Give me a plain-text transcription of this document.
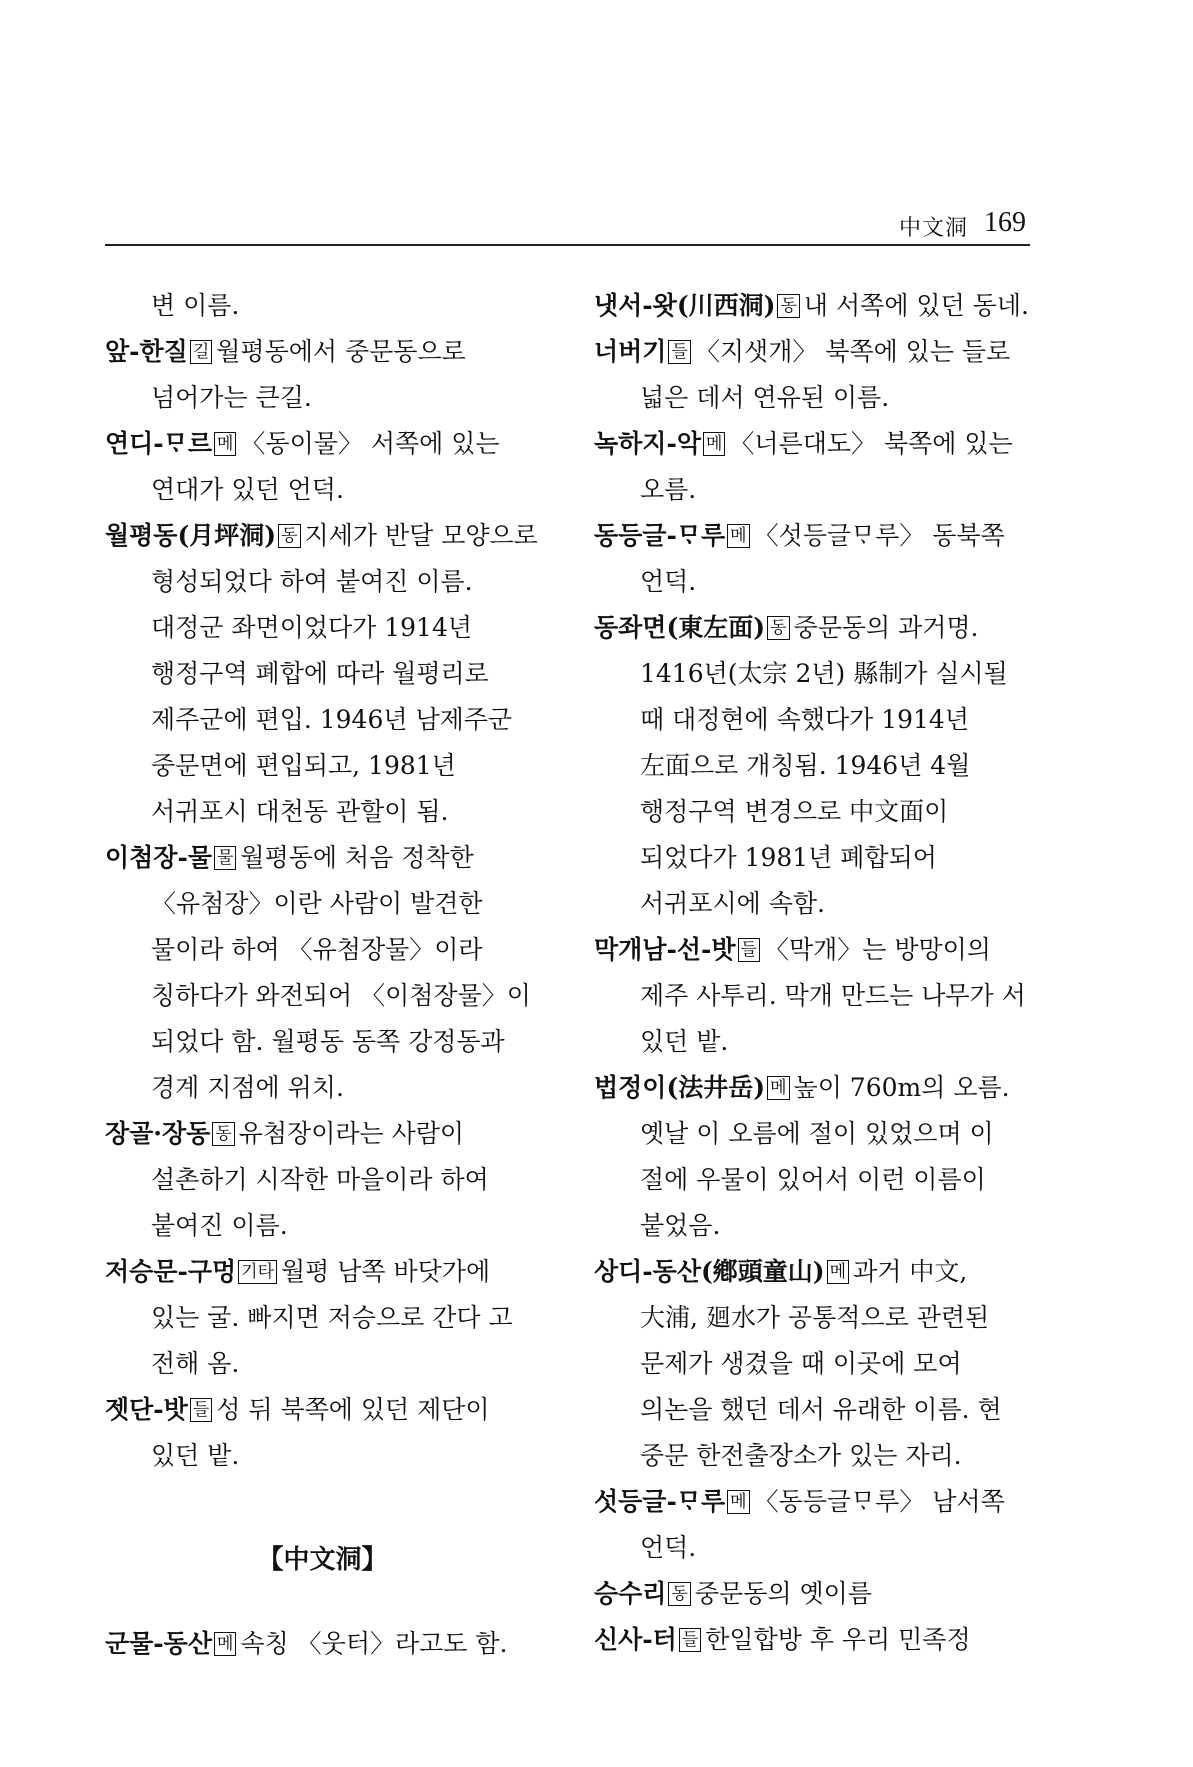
中文洞 169

변 이름.

앞-한질 길 월평동에서 중문동으로 넘어가는 큰길.

연디-ᄆᆞ르 메 〈동이물〉 서쪽에 있는 연대가 있던 언덕.

월평동(月坪洞) 동 지세가 반달 모양으로 형성되었다 하여 붙여진 이름. 대정군 좌면이었다가 1914년 행정구역 폐합에 따라 월평리로 제주군에 편입. 1946년 남제주군 중문면에 편입되고, 1981년 서귀포시 대천동 관할이 됨.

이첨장-물 물 월평동에 처음 정착한 〈유첨장〉이란 사람이 발견한 물이라 하여 〈유첨장물〉이라 칭하다가 와전되어 〈이첨장물〉이 되었다 함. 월평동 동쪽 강정동과 경계 지점에 위치.

장골·장동 동 유첨장이라는 사람이 설촌하기 시작한 마을이라 하여 붙여진 이름.

저승문-구멍 기타 월평 남쪽 바닷가에 있는 굴. 빠지면 저승으로 간다 고 전해 옴.

젯단-밧 들 성 뒤 북쪽에 있던 제단이 있던 밭.

【中文洞】

군물-동산 메 속칭 〈웃터〉라고도 함.

냇서-왓(川西洞) 동 내 서쪽에 있던 동네.

너버기 들 〈지샛개〉 북쪽에 있는 들로 넓은 데서 연유된 이름.

녹하지-악 메 〈너른대도〉 북쪽에 있는 오름.

동등글-ᄆᆞ루 메 〈섯등글ᄆᆞ루〉 동북쪽 언덕.

동좌면(東左面) 동 중문동의 과거명. 1416년(太宗 2년) 縣制가 실시될 때 대정현에 속했다가 1914년 左面으로 개칭됨. 1946년 4월 행정구역 변경으로 中文面이 되었다가 1981년 폐합되어 서귀포시에 속함.

막개남-선-밧 들 〈막개〉는 방망이의 제주 사투리. 막개 만드는 나무가 서 있던 밭.

법정이(法井岳) 메 높이 760m의 오름. 옛날 이 오름에 절이 있었으며 이 절에 우물이 있어서 이런 이름이 붙었음.

상디-동산(鄕頭童山) 메 과거 中文, 大浦, 廻水가 공통적으로 관련된 문제가 생겼을 때 이곳에 모여 의논을 했던 데서 유래한 이름. 현 중문 한전출장소가 있는 자리.

섯등글-ᄆᆞ루 메 〈동등글ᄆᆞ루〉 남서쪽 언덕.

승수리 동 중문동의 옛이름

신사-터 들 한일합방 후 우리 민족정
